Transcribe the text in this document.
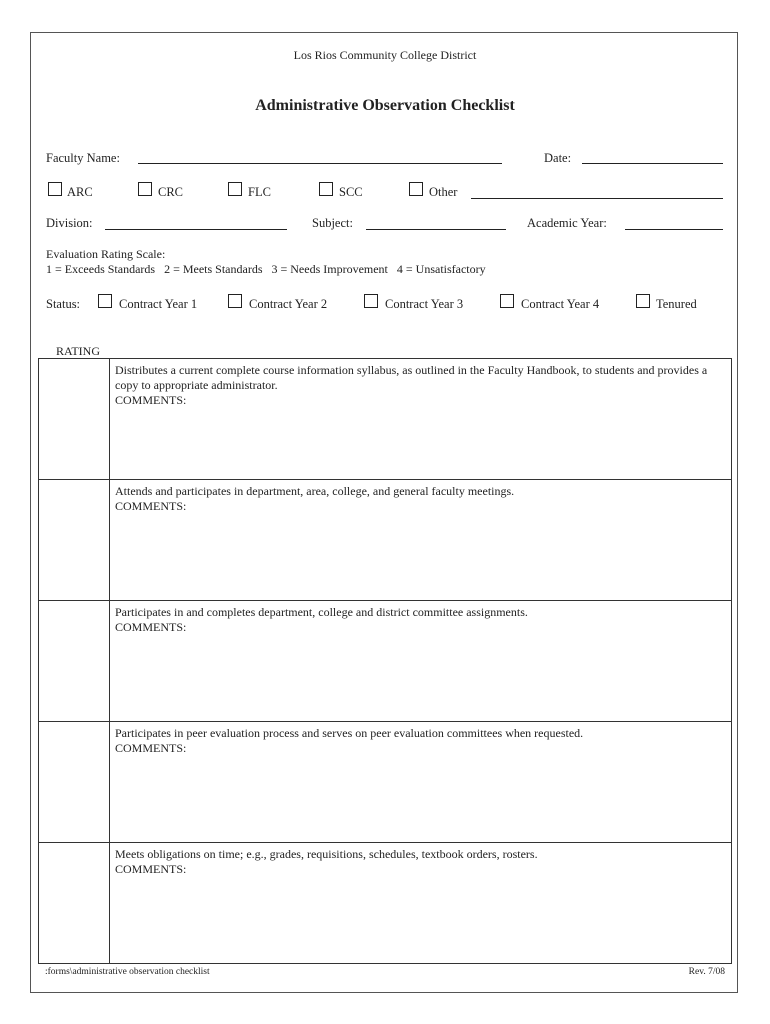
Los Rios Community College District
Administrative Observation Checklist
Faculty Name:	Date:
ARC	CRC	FLC	SCC	Other
Division:	Subject:	Academic Year:
Evaluation Rating Scale:
1 = Exceeds Standards   2 = Meets Standards   3 = Needs Improvement   4 = Unsatisfactory
Status:	Contract Year 1	Contract Year 2	Contract Year 3	Contract Year 4	Tenured
RATING
Distributes a current complete course information syllabus, as outlined in the Faculty Handbook, to students and provides a copy to appropriate administrator.
COMMENTS:
Attends and participates in department, area, college, and general faculty meetings.
COMMENTS:
Participates in and completes department, college and district committee assignments.
COMMENTS:
Participates in peer evaluation process and serves on peer evaluation committees when requested.
COMMENTS:
Meets obligations on time; e.g., grades, requisitions, schedules, textbook orders, rosters.
COMMENTS:
:forms\administrative observation checklist	Rev. 7/08
